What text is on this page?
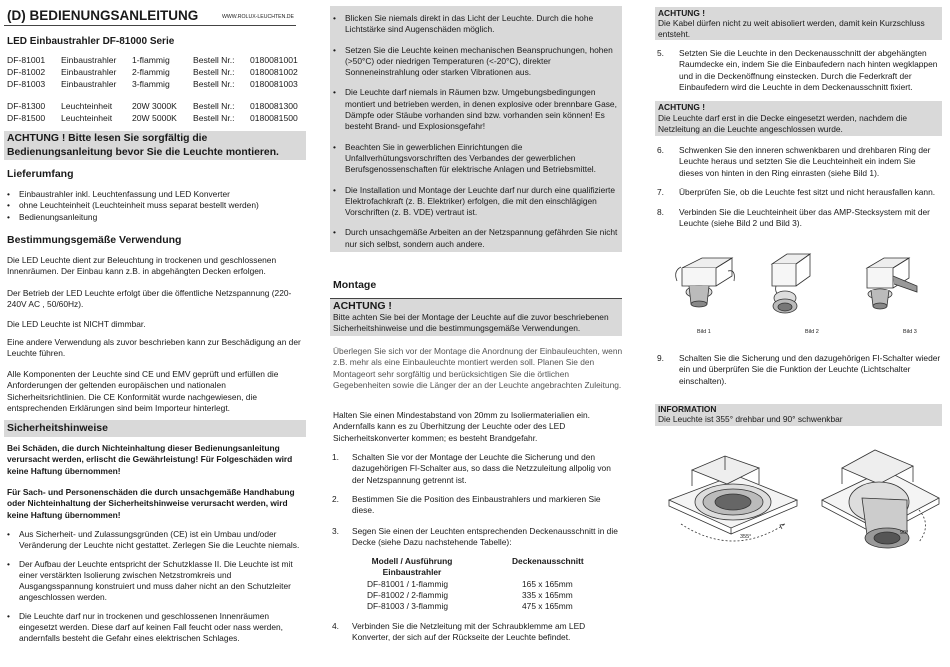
(D) BEDIENUNGSANLEITUNG	WWW.ROLUX-LEUCHTEN.DE
LED Einbaustrahler DF-81000 Serie
DF-81001 Einbaustrahler 1-flammig	Bestell Nr.: 0180081001
DF-81002 Einbaustrahler 2-flammig	Bestell Nr.: 0180081002
DF-81003 Einbaustrahler 3-flammig	Bestell Nr.: 0180081003
DF-81300 Leuchteinheit 20W 3000K Bestell Nr.: 0180081300
DF-81500 Leuchteinheit 20W 5000K Bestell Nr.: 0180081500
ACHTUNG ! Bitte lesen Sie sorgfältig die Bedienungsanleitung bevor Sie die Leuchte montieren.
Lieferumfang
• Einbaustrahler inkl. Leuchtenfassung und LED Konverter
• ohne Leuchteinheit (Leuchteinheit muss separat bestellt werden)
• Bedienungsanleitung
Bestimmungsgemäße Verwendung

Die LED Leuchte dient zur Beleuchtung in trockenen und geschlossenen Innenräumen. Der Einbau kann z.B. in abgehängten Decken erfolgen.

Der Betrieb der LED Leuchte erfolgt über die öffentliche Netzspannung (220-240V AC , 50/60Hz).

Die LED Leuchte ist NICHT dimmbar.

Eine andere Verwendung als zuvor beschrieben kann zur Beschädigung an der Leuchte führen.

Alle Komponenten der Leuchte sind CE und EMV geprüft und erfüllen die Anforderungen der geltenden europäischen und nationalen Sicherheitsrichtlinien. Die CE Konformität wurde nachgewiesen, die entsprechenden Erklärungen sind beim Importeur hinterlegt.

Sicherheitshinweise

Bei Schäden, die durch Nichteinhaltung dieser Bedienungsanleitung verursacht werden, erlischt die Gewährleistung! Für Folgeschäden wird keine Haftung übernommen!

Für Sach- und Personenschäden die durch unsachgemäße Handhabung oder Nichteinhaltung der Sicherheitshinweise verursacht werden, wird keine Haftung übernommen!

• Aus Sicherheit- und Zulassungsgründen (CE) ist ein Umbau und/oder Veränderung der Leuchte nicht gestattet. Zerlegen Sie die Leuchte niemals.
• Der Aufbau der Leuchte entspricht der Schutzklasse II. Die Leuchte ist mit einer verstärkten Isolierung zwischen Netzstromkreis und Ausgangsspannung konstruiert und muss daher nicht an den Schutzleiter angeschlossen werden.
• Die Leuchte darf nur in trockenen und geschlossenen Innenräumen eingesetzt werden. Diese darf auf keinen Fall feucht oder nass werden, andernfalls besteht die Gefahr eines elektrischen Schlages.
• Blicken Sie niemals direkt in das Licht der Leuchte. Durch die hohe Lichtstärke sind Augenschäden möglich.
• Setzen Sie die Leuchte keinen mechanischen Beanspruchungen, hohen (>50°C) oder niedrigen Temperaturen (<-20°C), direkter Sonneneinstrahlung oder starken Vibrationen aus.
• Die Leuchte darf niemals in Räumen bzw. Umgebungsbedingungen montiert und betrieben werden, in denen explosive oder brennbare Gase, Dämpfe oder Stäube vorhanden sind bzw. vorhanden sein können! Es besteht Brand- und Explosionsgefahr!
• Beachten Sie in gewerblichen Einrichtungen die Unfallverhütungsvorschriften des Verbandes der gewerblichen Berufsgenossenschaften für elektrische Anlagen und Betriebsmittel.
• Die Installation und Montage der Leuchte darf nur durch eine qualifizierte Elektrofachkraft (z. B. Elektriker) erfolgen, die mit den einschlägigen Vorschriften (z. B. VDE) vertraut ist.
• Durch unsachgemäße Arbeiten an der Netzspannung gefährden Sie nicht nur sich selbst, sondern auch andere.
Montage
ACHTUNG !

Bitte achten Sie bei der Montage der Leuchte auf die zuvor beschriebenen Sicherheitshinweise und die bestimmungsgemäße Verwendungen.

Überlegen Sie sich vor der Montage die Anordnung der Einbauleuchten, wenn z.B. mehr als eine Einbauleuchte montiert werden soll. Planen Sie den Montageort sehr sorgfältig und berücksichtigen Sie die örtlichen Gegebenheiten sowie die Länger der an der Leuchte angebrachten Zuleitung.

Halten Sie einen Mindestabstand von 20mm zu Isoliermaterialien ein. Andernfalls kann es zu Überhitzung der Leuchte oder des LED Sicherheitskonverter kommen; es besteht Brandgefahr.

1. Schalten Sie vor der Montage der Leuchte die Sicherung und den dazugehörigen FI-Schalter aus, so dass die Netzzuleitung allpolig von der Netzspannung getrennt ist.
2. Bestimmen Sie die Position des Einbaustrahlers und markieren Sie diese.
3. Segen Sie einen der Leuchten entsprechenden Deckenausschnitt in die Decke (siehe Dazu nachstehende Tabelle):
Modell / Ausführung
Einbaustrahler
Deckenausschnitt
DF-81001 / 1-flammig	165 x 165mm
DF-81002 / 2-flammig	335 x 165mm
DF-81003 / 3-flammig	475 x 165mm
4. Verbinden Sie die Netzleitung mit der Schraubklemme am LED Konverter, der sich auf der Rückseite der Leuchte befindet.
ACHTUNG !

Die Kabel dürfen nicht zu weit abisoliert werden, damit kein Kurzschluss entsteht.

5. Setzten Sie die Leuchte in den Deckenausschnitt der abgehängten Raumdecke ein, indem Sie die Einbaufedern nach hinten wegklappen und in die Deckenöffnung einstecken. Durch die Federkraft der Einbaufedern wird die Leuchte in dem Deckenausschnitt fixiert.
ACHTUNG !

Die Leuchte darf erst in die Decke eingesetzt werden, nachdem die Netzleitung an die Leuchte angeschlossen wurde.

6. Schwenken Sie den inneren schwenkbaren und drehbaren Ring der Leuchte heraus und setzten Sie die Leuchteinheit ein indem Sie dieses von hinten in den Ring einrasten (siehe Bild 1).
7. Überprüfen Sie, ob die Leuchte fest sitzt und nicht herausfallen kann.
8. Verbinden Sie die Leuchteinheit über das AMP-Stecksystem mit der Leuchte (siehe Bild 2 und Bild 3).
Bild 1	Bild 2	Bild 3
9. Schalten Sie die Sicherung und den dazugehörigen FI-Schalter wieder ein und überprüfen Sie die Funktion der Leuchte (Lichtschalter einschalten).
INFORMATION

Die Leuchte ist 355° drehbar und 90° schwenkbar

355°
90°
